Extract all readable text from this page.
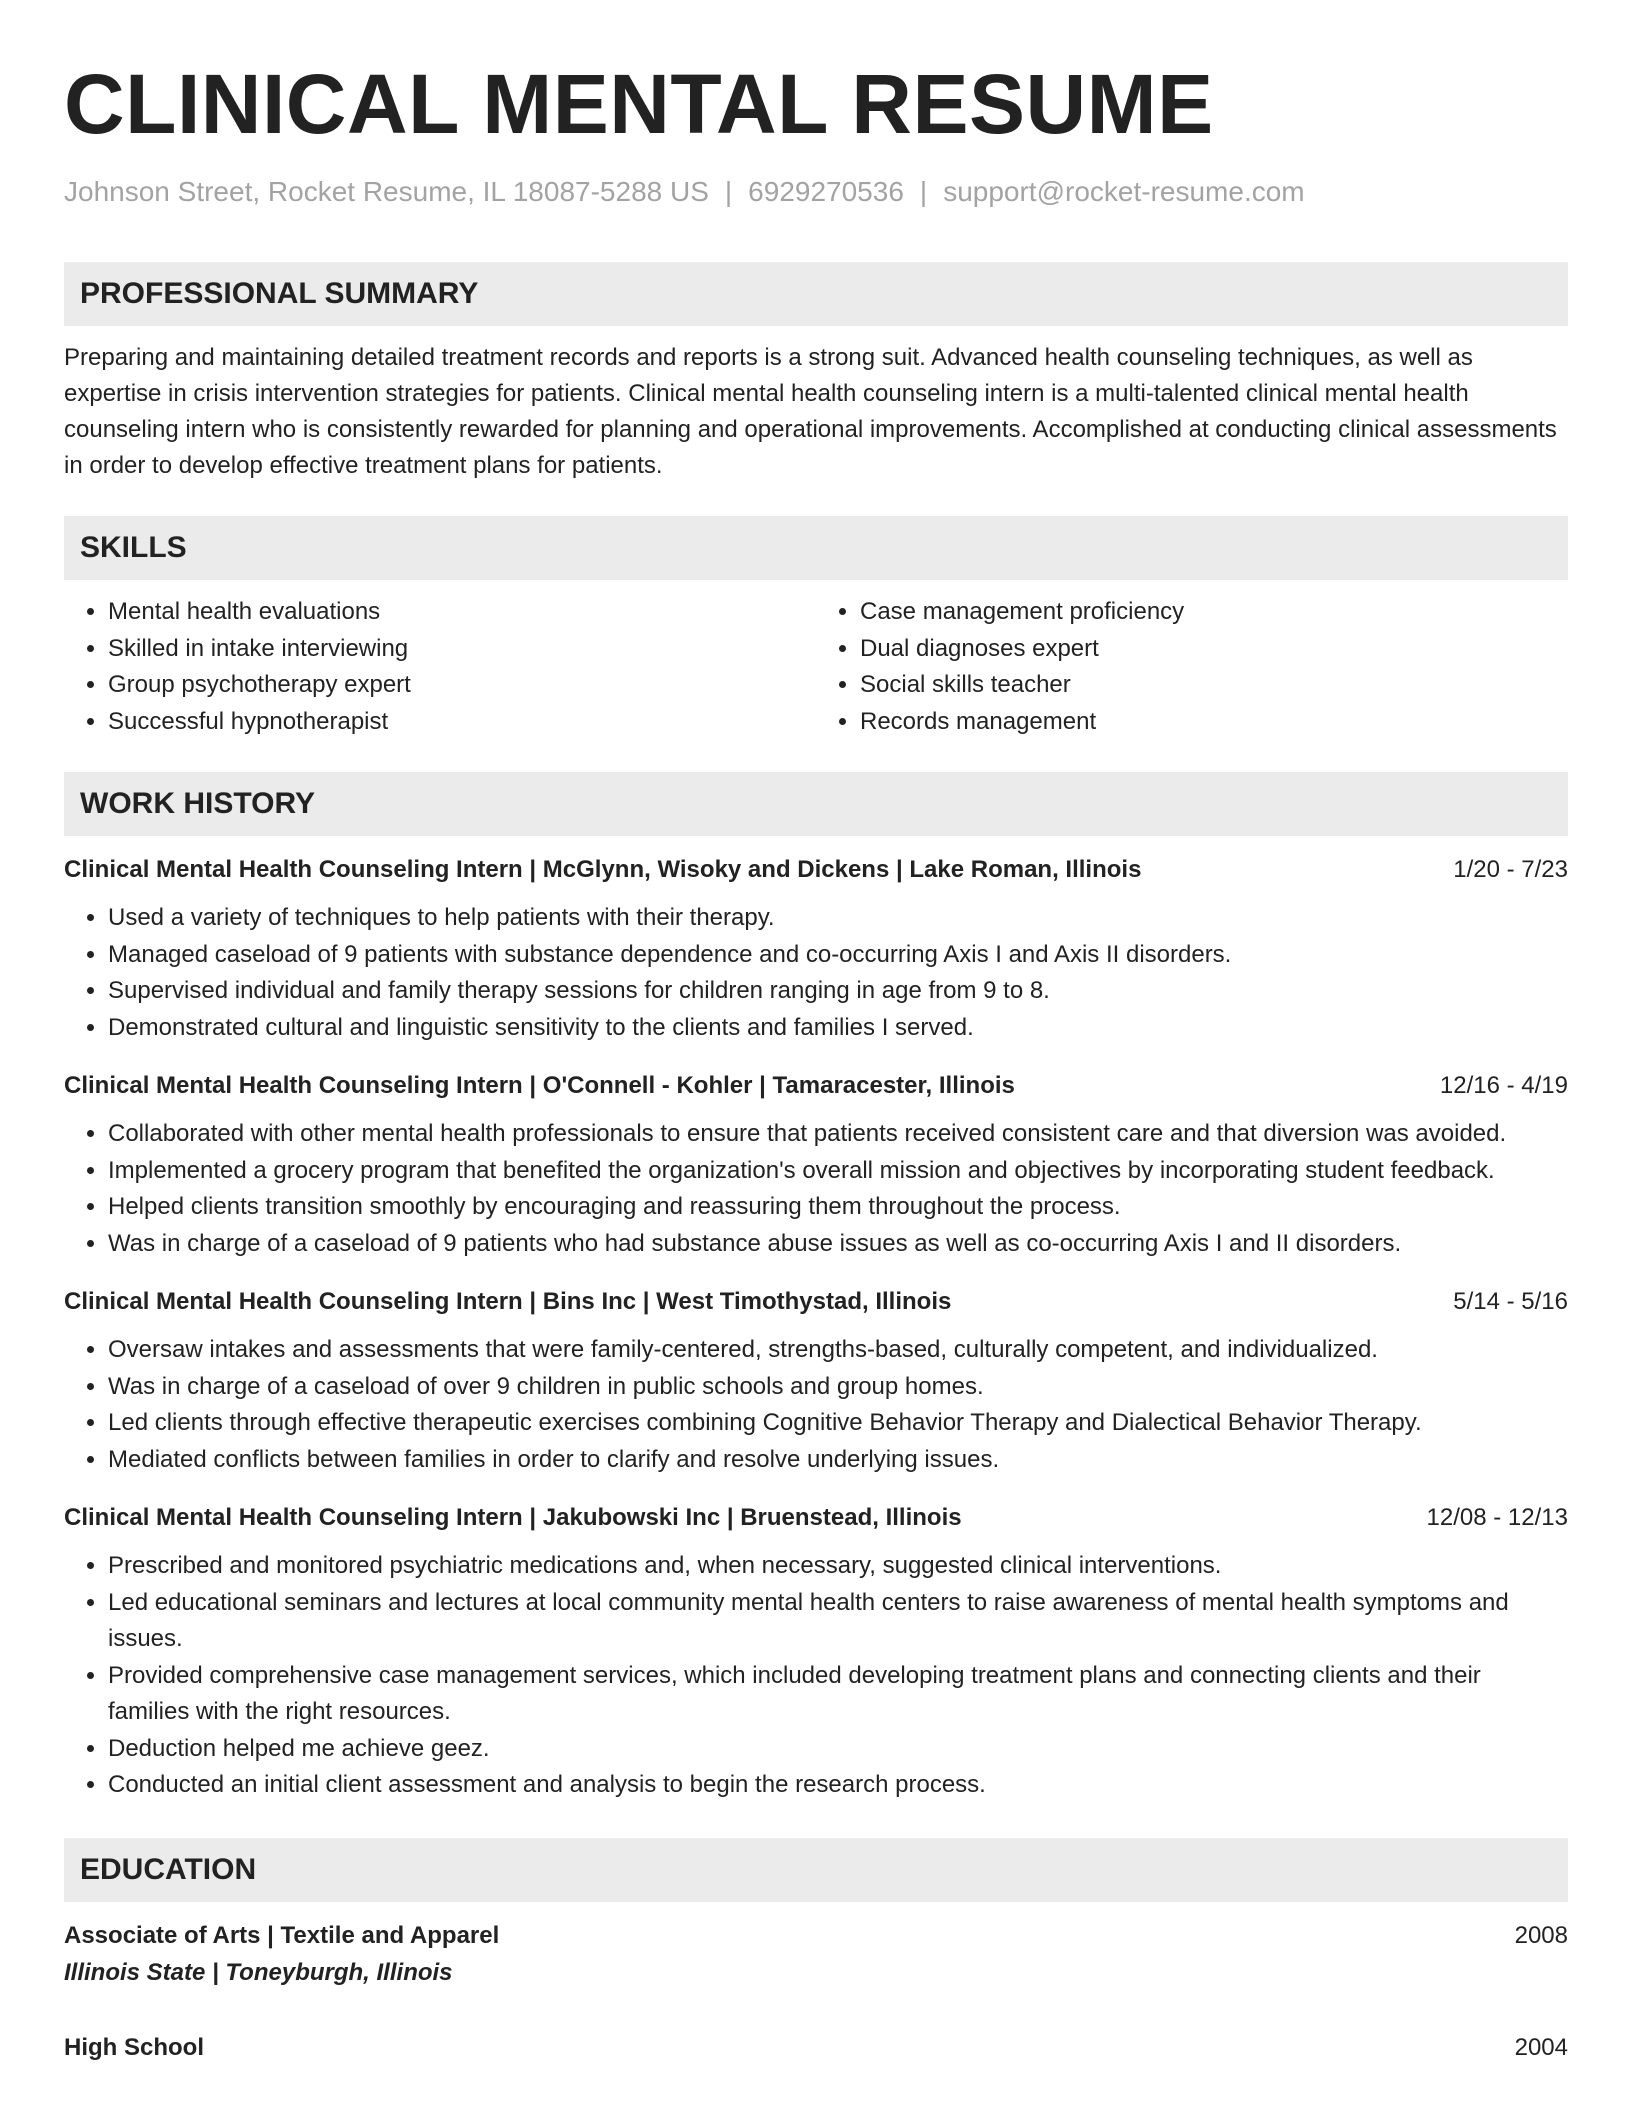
CLINICAL MENTAL RESUME
Johnson Street, Rocket Resume, IL 18087-5288 US | 6929270536 | support@rocket-resume.com
PROFESSIONAL SUMMARY
Preparing and maintaining detailed treatment records and reports is a strong suit. Advanced health counseling techniques, as well as expertise in crisis intervention strategies for patients. Clinical mental health counseling intern is a multi-talented clinical mental health counseling intern who is consistently rewarded for planning and operational improvements. Accomplished at conducting clinical assessments in order to develop effective treatment plans for patients.
SKILLS
• Mental health evaluations
• Skilled in intake interviewing
• Group psychotherapy expert
• Successful hypnotherapist
• Case management proficiency
• Dual diagnoses expert
• Social skills teacher
• Records management
WORK HISTORY
Clinical Mental Health Counseling Intern | McGlynn, Wisoky and Dickens | Lake Roman, Illinois	1/20 - 7/23
• Used a variety of techniques to help patients with their therapy.
• Managed caseload of 9 patients with substance dependence and co-occurring Axis I and Axis II disorders.
• Supervised individual and family therapy sessions for children ranging in age from 9 to 8.
• Demonstrated cultural and linguistic sensitivity to the clients and families I served.
Clinical Mental Health Counseling Intern | O'Connell - Kohler | Tamaracester, Illinois	12/16 - 4/19
• Collaborated with other mental health professionals to ensure that patients received consistent care and that diversion was avoided.
• Implemented a grocery program that benefited the organization's overall mission and objectives by incorporating student feedback.
• Helped clients transition smoothly by encouraging and reassuring them throughout the process.
• Was in charge of a caseload of 9 patients who had substance abuse issues as well as co-occurring Axis I and II disorders.
Clinical Mental Health Counseling Intern | Bins Inc | West Timothystad, Illinois	5/14 - 5/16
• Oversaw intakes and assessments that were family-centered, strengths-based, culturally competent, and individualized.
• Was in charge of a caseload of over 9 children in public schools and group homes.
• Led clients through effective therapeutic exercises combining Cognitive Behavior Therapy and Dialectical Behavior Therapy.
• Mediated conflicts between families in order to clarify and resolve underlying issues.
Clinical Mental Health Counseling Intern | Jakubowski Inc | Bruenstead, Illinois	12/08 - 12/13
• Prescribed and monitored psychiatric medications and, when necessary, suggested clinical interventions.
• Led educational seminars and lectures at local community mental health centers to raise awareness of mental health symptoms and issues.
• Provided comprehensive case management services, which included developing treatment plans and connecting clients and their families with the right resources.
• Deduction helped me achieve geez.
• Conducted an initial client assessment and analysis to begin the research process.
EDUCATION
Associate of Arts | Textile and Apparel	2008
Illinois State | Toneyburgh, Illinois
High School	2004
